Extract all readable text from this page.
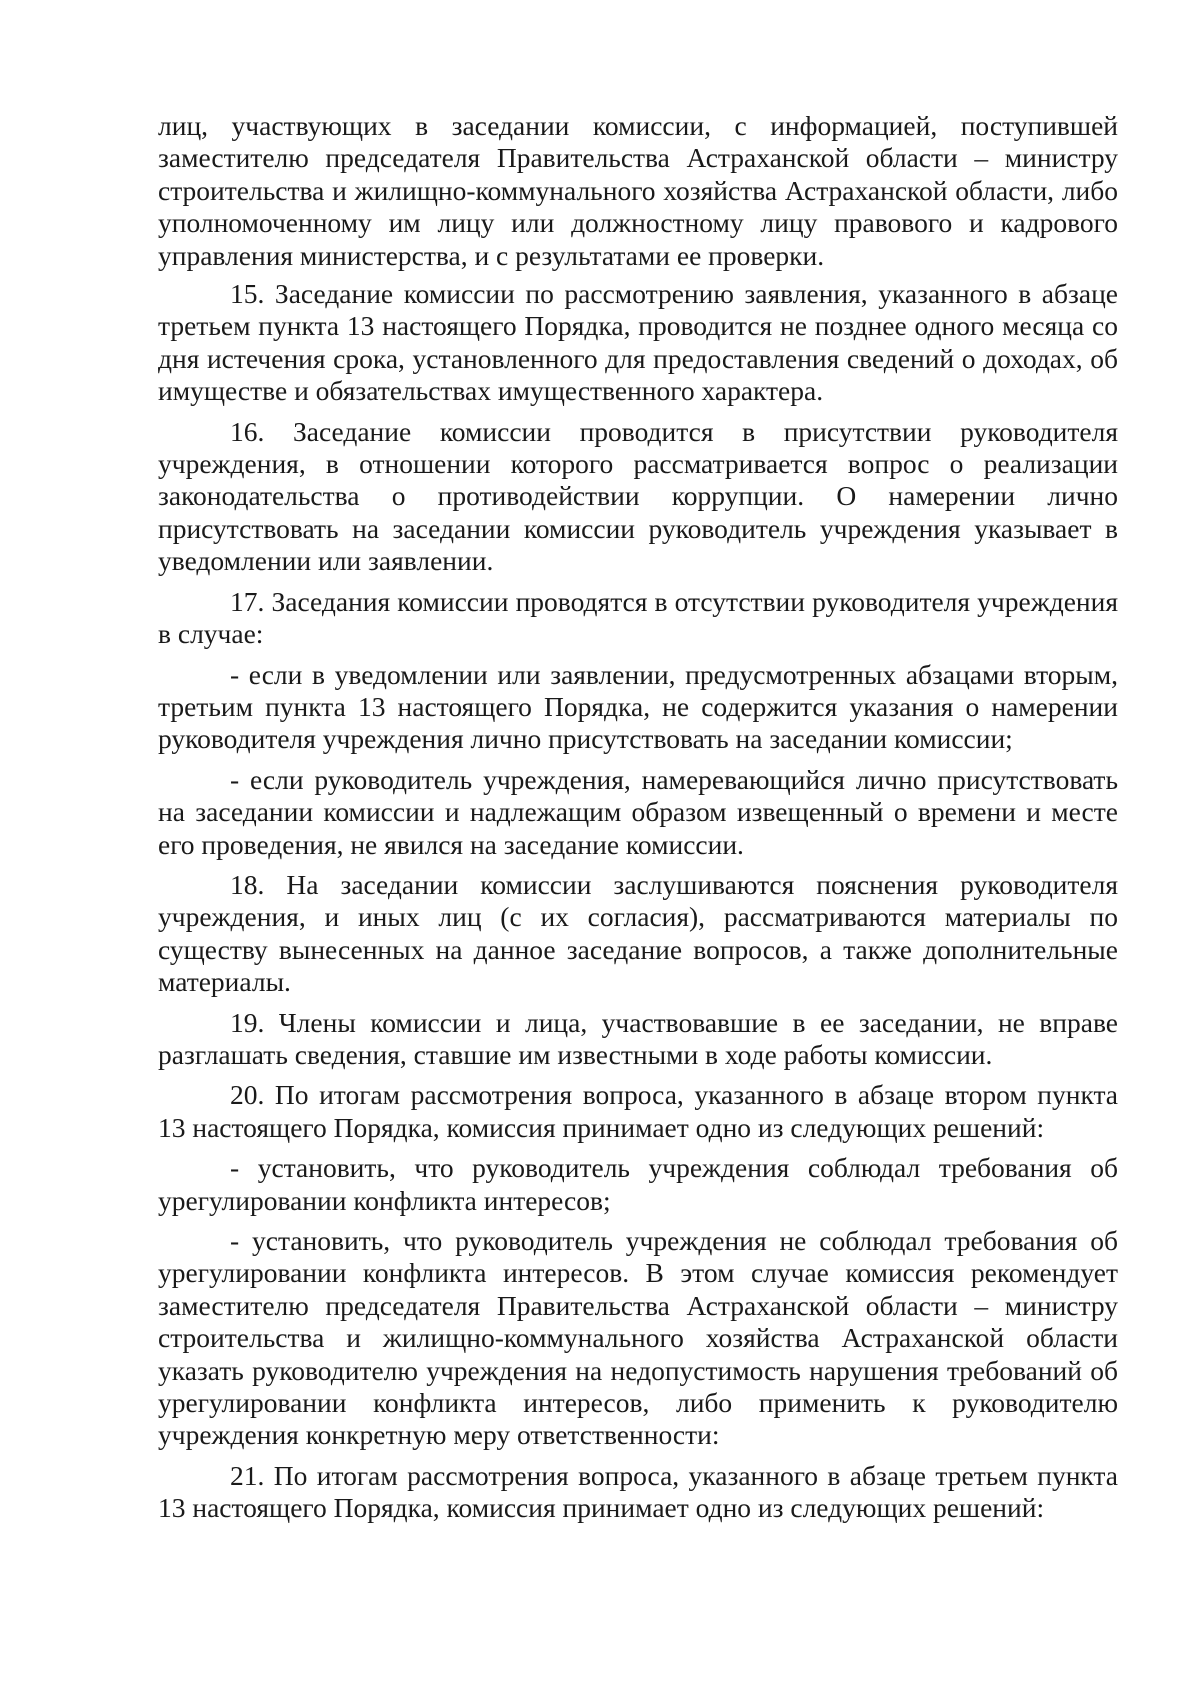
лиц, участвующих в заседании комиссии, с информацией, поступившей заместителю председателя Правительства Астраханской области – министру строительства и жилищно-коммунального хозяйства Астраханской области, либо уполномоченному им лицу или должностному лицу правового и кадрового управления министерства, и с результатами ее проверки.

15. Заседание комиссии по рассмотрению заявления, указанного в абзаце третьем пункта 13 настоящего Порядка, проводится не позднее одного месяца со дня истечения срока, установленного для предоставления сведений о доходах, об имуществе и обязательствах имущественного характера.

16. Заседание комиссии проводится в присутствии руководителя учреждения, в отношении которого рассматривается вопрос о реализации законодательства о противодействии коррупции. О намерении лично присутствовать на заседании комиссии руководитель учреждения указывает в уведомлении или заявлении.

17. Заседания комиссии проводятся в отсутствии руководителя учреждения в случае:

- если в уведомлении или заявлении, предусмотренных абзацами вторым, третьим пункта 13 настоящего Порядка, не содержится указания о намерении руководителя учреждения лично присутствовать на заседании комиссии;

- если руководитель учреждения, намеревающийся лично присутствовать на заседании комиссии и надлежащим образом извещенный о времени и месте его проведения, не явился на заседание комиссии.

18. На заседании комиссии заслушиваются пояснения руководителя учреждения, и иных лиц (с их согласия), рассматриваются материалы по существу вынесенных на данное заседание вопросов, а также дополнительные материалы.

19. Члены комиссии и лица, участвовавшие в ее заседании, не вправе разглашать сведения, ставшие им известными в ходе работы комиссии.

20. По итогам рассмотрения вопроса, указанного в абзаце втором пункта 13 настоящего Порядка, комиссия принимает одно из следующих решений:

- установить, что руководитель учреждения соблюдал требования об урегулировании конфликта интересов;

- установить, что руководитель учреждения не соблюдал требования об урегулировании конфликта интересов. В этом случае комиссия рекомендует заместителю председателя Правительства Астраханской области – министру строительства и жилищно-коммунального хозяйства Астраханской области указать руководителю учреждения на недопустимость нарушения требований об урегулировании конфликта интересов, либо применить к руководителю учреждения конкретную меру ответственности:

21. По итогам рассмотрения вопроса, указанного в абзаце третьем пункта 13 настоящего Порядка, комиссия принимает одно из следующих решений:
